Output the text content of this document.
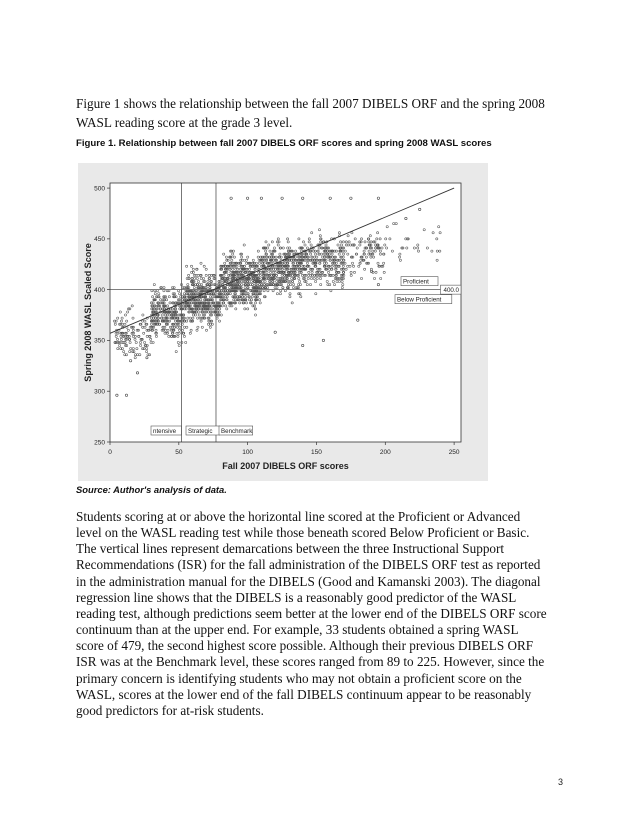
Figure 1 shows the relationship between the fall 2007 DIBELS ORF and the spring 2008 WASL reading score at the grade 3 level.
Figure 1. Relationship between fall 2007 DIBELS ORF scores and spring 2008 WASL scores
0	50	100	150	200	250
250
300
350
400
450
500
Fall 2007 DIBELS ORF scores
Spring 2008 WASL Scaled Score	400.0
Proficient
Below Proficient
ntensive Strategic Benchmark
Source: Author's analysis of data.
Students scoring at or above the horizontal line scored at the Proficient or Advanced
level on the WASL reading test while those beneath scored Below Proficient or Basic.
The vertical lines represent demarcations between the three Instructional Support
Recommendations (ISR) for the fall administration of the DIBELS ORF test as reported
in the administration manual for the DIBELS (Good and Kamanski 2003). The diagonal
regression line shows that the DIBELS is a reasonably good predictor of the WASL
reading test, although predictions seem better at the lower end of the DIBELS ORF score
continuum than at the upper end. For example, 33 students obtained a spring WASL
score of 479, the second highest score possible. Although their previous DIBELS ORF
ISR was at the Benchmark level, these scores ranged from 89 to 225. However, since the
primary concern is identifying students who may not obtain a proficient score on the
WASL, scores at the lower end of the fall DIBELS continuum appear to be reasonably
good predictors for at-risk students.
3
